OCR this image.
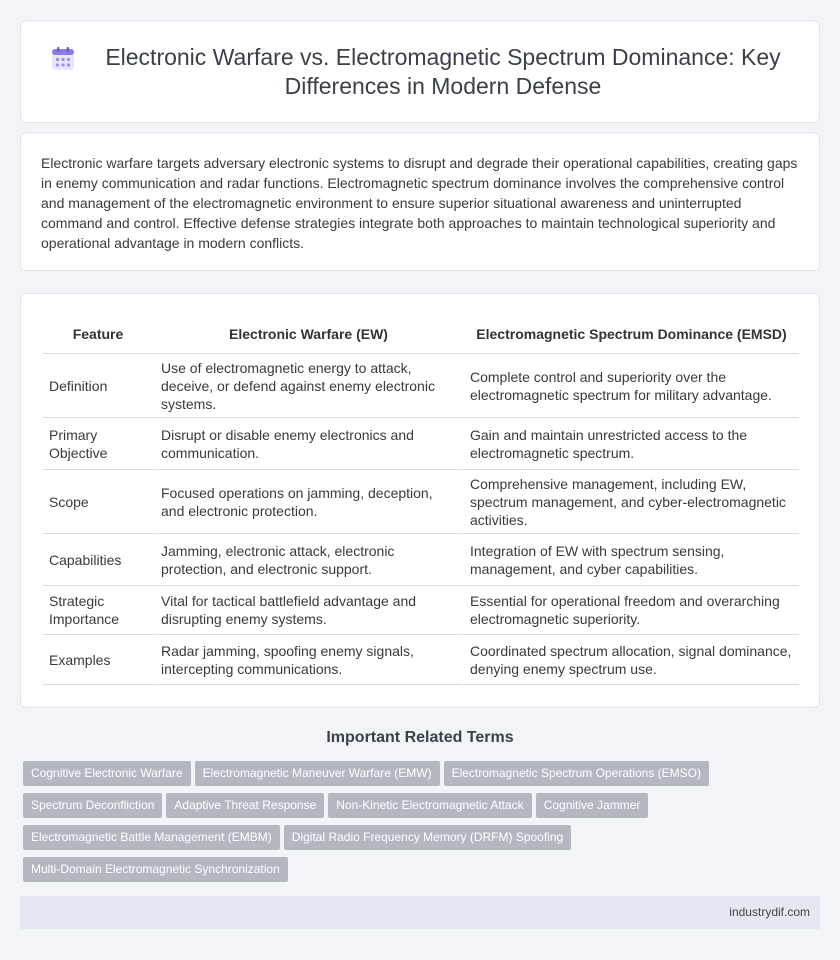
Electronic Warfare vs. Electromagnetic Spectrum Dominance: Key Differences in Modern Defense

Electronic warfare targets adversary electronic systems to disrupt and degrade their operational capabilities, creating gaps in enemy communication and radar functions. Electromagnetic spectrum dominance involves the comprehensive control and management of the electromagnetic environment to ensure superior situational awareness and uninterrupted command and control. Effective defense strategies integrate both approaches to maintain technological superiority and operational advantage in modern conflicts.

Feature	Electronic Warfare (EW)	Electromagnetic Spectrum Dominance (EMSD)
Definition	Use of electromagnetic energy to attack, deceive, or defend against enemy electronic systems.	Complete control and superiority over the electromagnetic spectrum for military advantage.
Primary Objective	Disrupt or disable enemy electronics and communication.	Gain and maintain unrestricted access to the electromagnetic spectrum.
Scope	Focused operations on jamming, deception, and electronic protection.	Comprehensive management, including EW, spectrum management, and cyber-electromagnetic activities.
Capabilities	Jamming, electronic attack, electronic protection, and electronic support.	Integration of EW with spectrum sensing, management, and cyber capabilities.
Strategic Importance	Vital for tactical battlefield advantage and disrupting enemy systems.	Essential for operational freedom and overarching electromagnetic superiority.
Examples	Radar jamming, spoofing enemy signals, intercepting communications.	Coordinated spectrum allocation, signal dominance, denying enemy spectrum use.
Important Related Terms
Cognitive Electronic Warfare Electromagnetic Maneuver Warfare (EMW) Electromagnetic Spectrum Operations (EMSO)
Spectrum Deconfliction Adaptive Threat Response Non-Kinetic Electromagnetic Attack Cognitive Jammer
Electromagnetic Battle Management (EMBM) Digital Radio Frequency Memory (DRFM) Spoofing
Multi-Domain Electromagnetic Synchronization
industrydif.com
